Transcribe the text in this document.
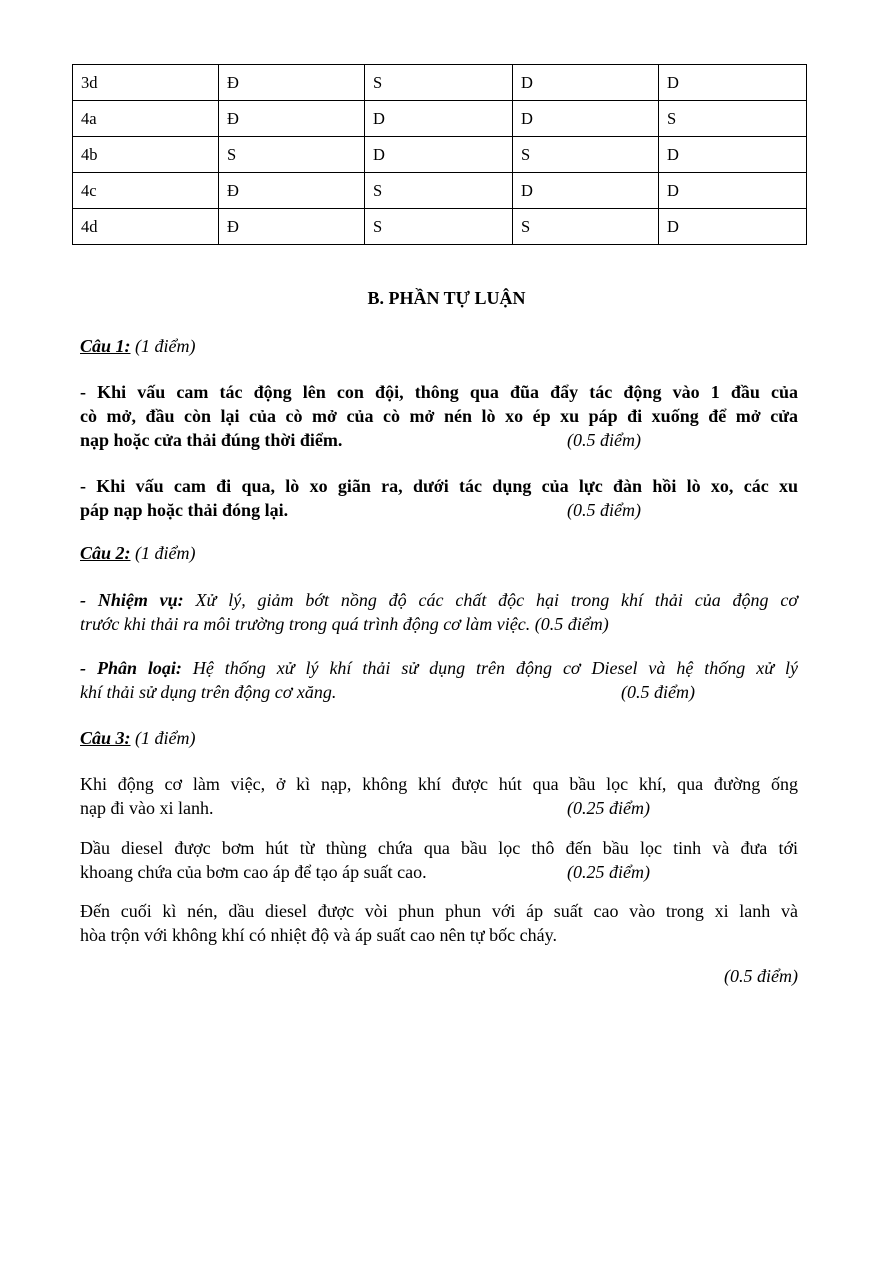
3d	Đ	S	D	D
4a	Đ	D	D	S
4b	S	D	S	D
4c	Đ	S	D	D
4d	Đ	S	S	D
B. PHẦN TỰ LUẬN
Câu 1: (1 điểm)
- Khi vấu cam tác động lên con đội, thông qua đũa đẩy tác động vào 1 đầu của
cò mở, đầu còn lại của cò mở của cò mở nén lò xo ép xu páp đi xuống để mở cửa
nạp hoặc cửa thải đúng thời điểm.	(0.5 điểm)
- Khi vấu cam đi qua, lò xo giãn ra, dưới tác dụng của lực đàn hồi lò xo, các xu
páp nạp hoặc thải đóng lại.	(0.5 điểm)
Câu 2: (1 điểm)
- Nhiệm vụ: Xử lý, giảm bớt nồng độ các chất độc hại trong khí thải của động cơ
trước khi thải ra môi trường trong quá trình động cơ làm việc. (0.5 điểm)
- Phân loại: Hệ thống xử lý khí thải sử dụng trên động cơ Diesel và hệ thống xử lý
khí thải sử dụng trên động cơ xăng.	(0.5 điểm)
Câu 3: (1 điểm)
Khi động cơ làm việc, ở kì nạp, không khí được hút qua bầu lọc khí, qua đường ống
nạp đi vào xi lanh.	(0.25 điểm)
Dầu diesel được bơm hút từ thùng chứa qua bầu lọc thô đến bầu lọc tinh và đưa tới
khoang chứa của bơm cao áp để tạo áp suất cao.	(0.25 điểm)
Đến cuối kì nén, dầu diesel được vòi phun phun với áp suất cao vào trong xi lanh và
hòa trộn với không khí có nhiệt độ và áp suất cao nên tự bốc cháy.
(0.5 điểm)
